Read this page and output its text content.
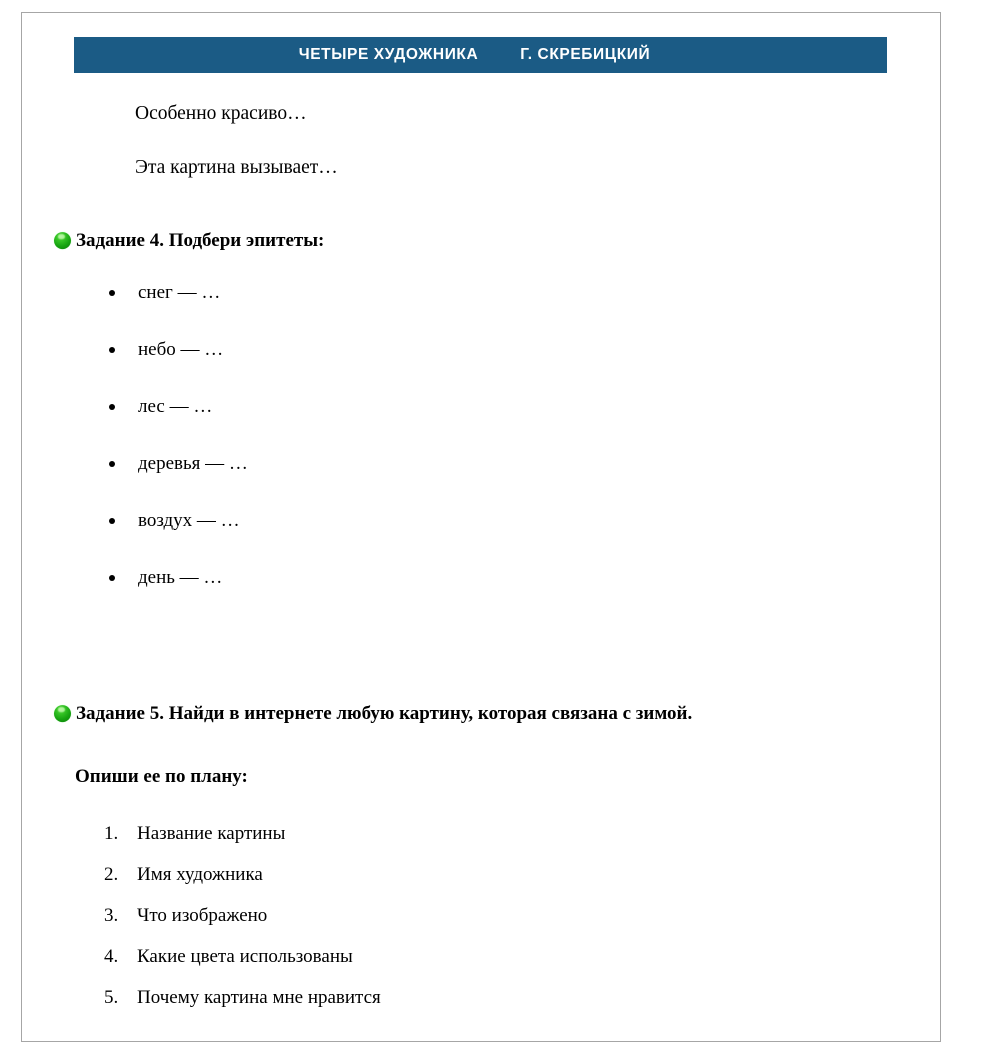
ЧЕТЫРЕ ХУДОЖНИКА	Г. СКРЕБИЦКИЙ

Особенно красиво…

Эта картина вызывает…

Задание 4. Подбери эпитеты:
снег — …
небо — …
лес — …
деревья — …
воздух — …
день — …
Задание 5. Найди в интернете любую картину, которая связана с зимой.
Опиши ее по плану:
1. Название картины
2. Имя художника
3. Что изображено
4. Какие цвета использованы
5. Почему картина мне нравится
